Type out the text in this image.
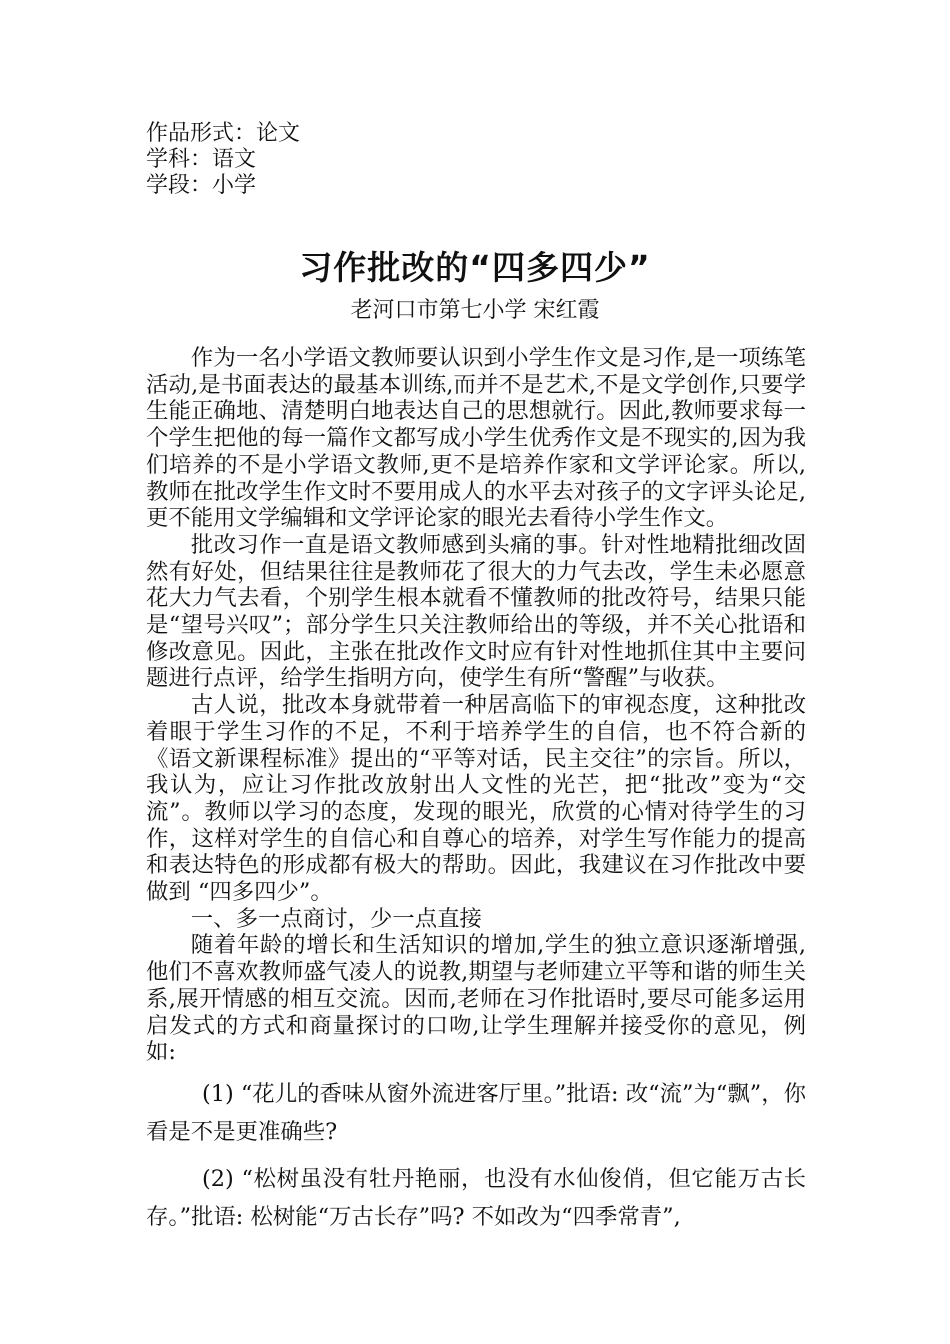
作品形式：论文
学科：语文
学段：小学
习作批改的“四多四少”
老河口市第七小学 宋红霞

作为一名小学语文教师要认识到小学生作文是习作,是一项练笔活动,是书面表达的最基本训练,而并不是艺术,不是文学创作,只要学生能正确地、清楚明白地表达自己的思想就行。因此,教师要求每一个学生把他的每一篇作文都写成小学生优秀作文是不现实的,因为我们培养的不是小学语文教师,更不是培养作家和文学评论家。所以,教师在批改学生作文时不要用成人的水平去对孩子的文字评头论足,更不能用文学编辑和文学评论家的眼光去看待小学生作文。

批改习作一直是语文教师感到头痛的事。针对性地精批细改固然有好处，但结果往往是教师花了很大的力气去改，学生未必愿意花大力气去看，个别学生根本就看不懂教师的批改符号，结果只能是“望号兴叹”；部分学生只关注教师给出的等级，并不关心批语和修改意见。因此，主张在批改作文时应有针对性地抓住其中主要问题进行点评，给学生指明方向，使学生有所“警醒”与收获。

古人说，批改本身就带着一种居高临下的审视态度，这种批改着眼于学生习作的不足，不利于培养学生的自信，也不符合新的《语文新课程标准》提出的“平等对话，民主交往”的宗旨。所以，我认为，应让习作批改放射出人文性的光芒，把“批改”变为“交流”。教师以学习的态度，发现的眼光，欣赏的心情对待学生的习作，这样对学生的自信心和自尊心的培养，对学生写作能力的提高和表达特色的形成都有极大的帮助。因此，我建议在习作批改中要做到 “四多四少”。

一、多一点商讨，少一点直接

随着年龄的增长和生活知识的增加,学生的独立意识逐渐增强,他们不喜欢教师盛气凌人的说教,期望与老师建立平等和谐的师生关系,展开情感的相互交流。因而,老师在习作批语时,要尽可能多运用启发式的方式和商量探讨的口吻,让学生理解并接受你的意见，例如:

(1) “花儿的香味从窗外流进客厅里。”批语: 改“流”为“飘”，你看是不是更准确些?

(2) “松树虽没有牡丹艳丽，也没有水仙俊俏，但它能万古长存。”批语: 松树能“万古长存”吗? 不如改为“四季常青”,
